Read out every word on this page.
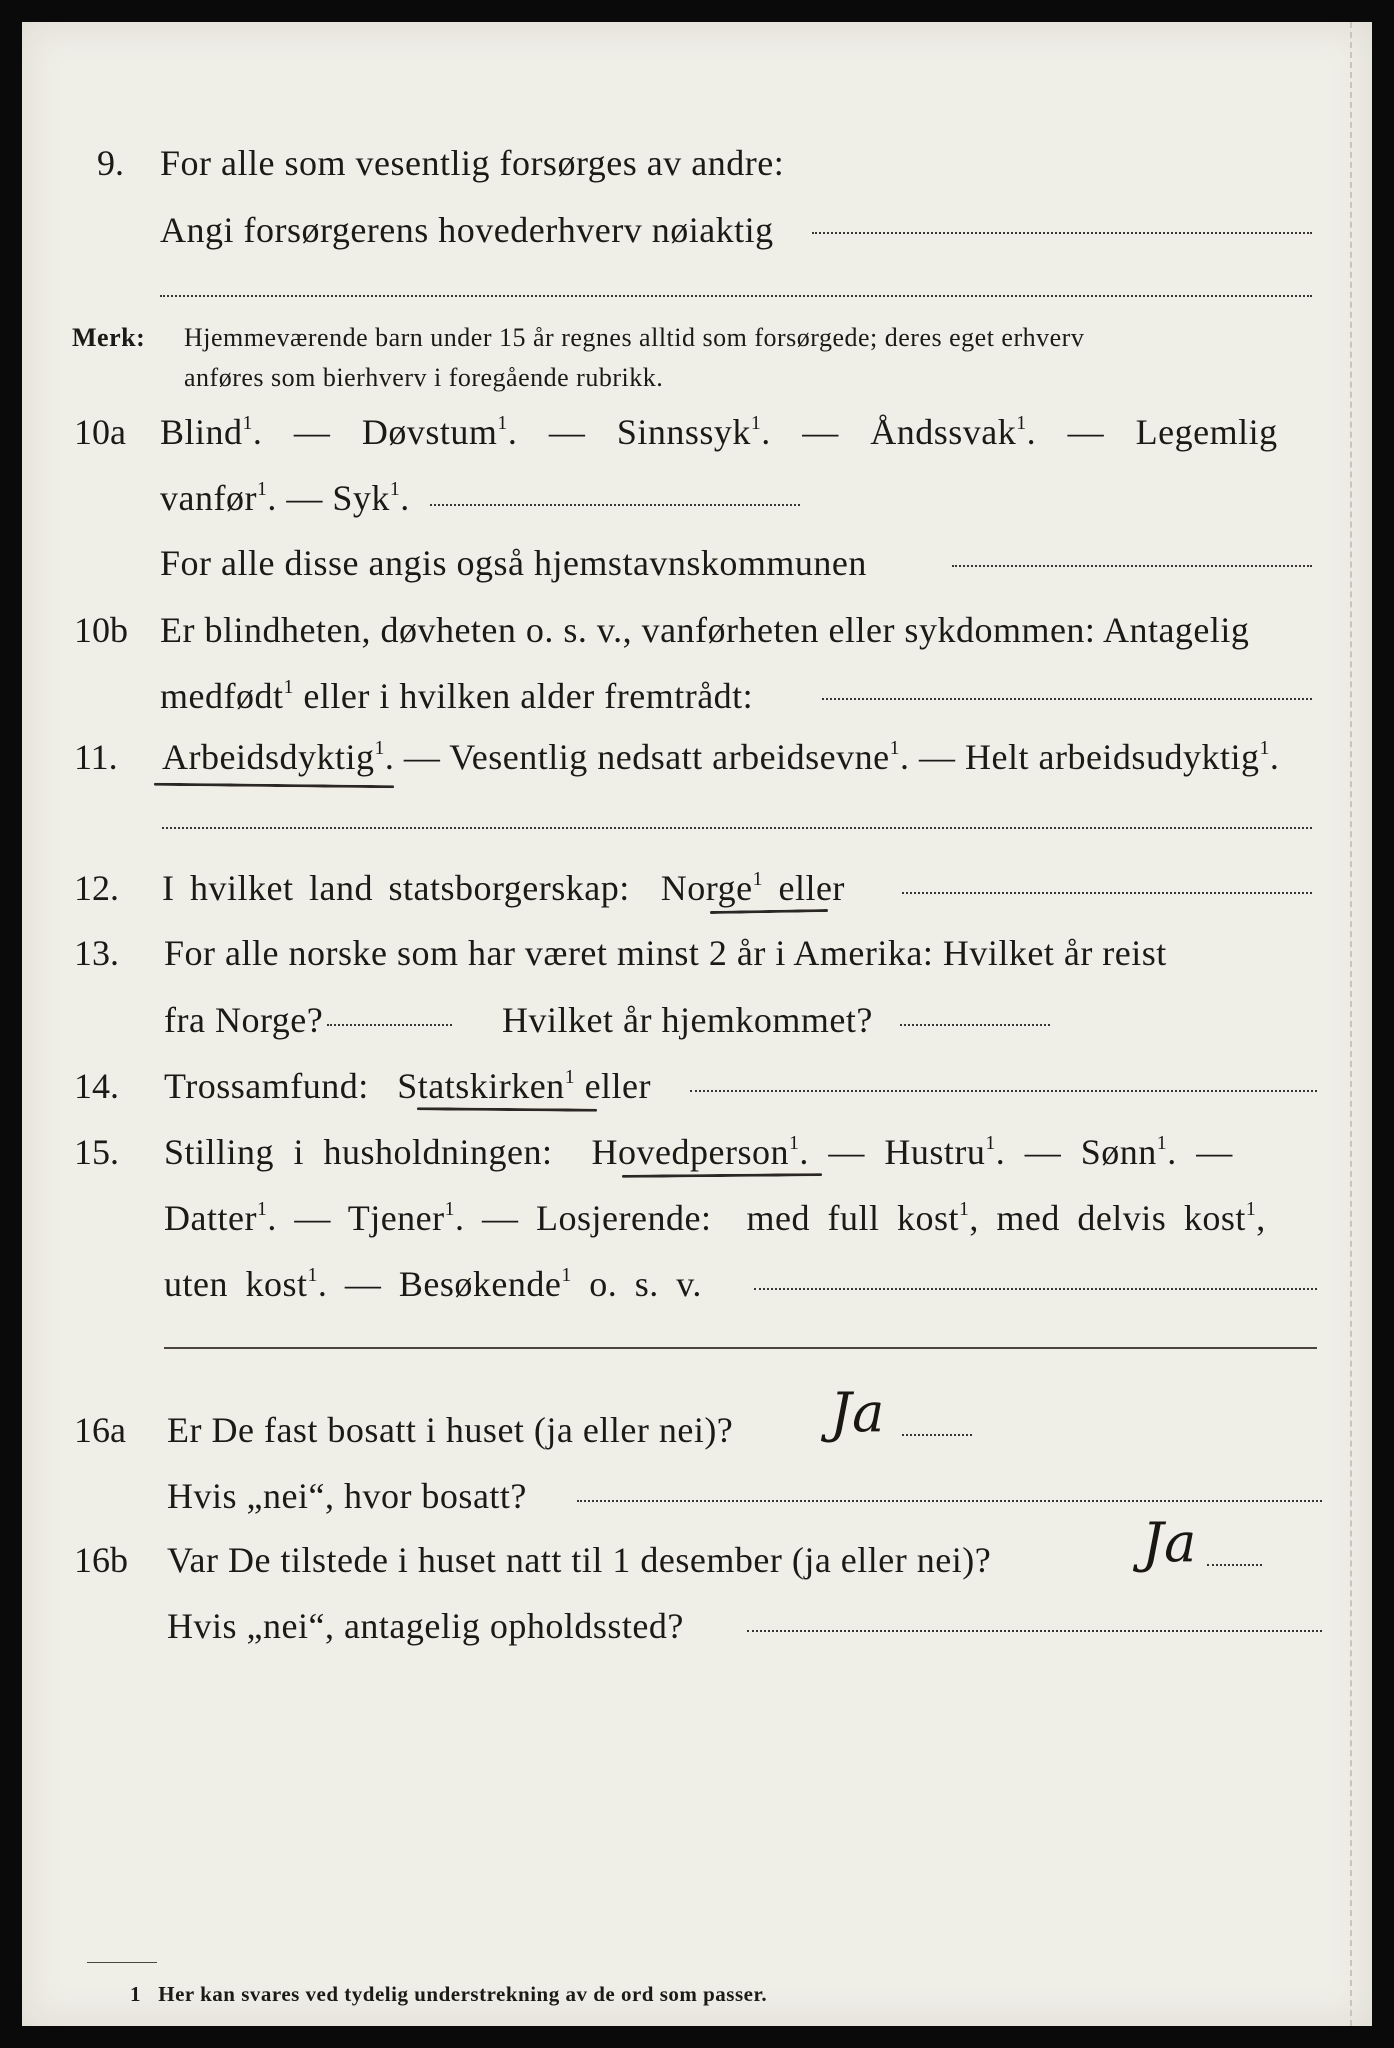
9. For alle som vesentlig forsørges av andre:
Angi forsørgerens hovederhverv nøiaktig
Merk: Hjemmeværende barn under 15 år regnes alltid som forsørgede; deres eget erhverv
anføres som bierhverv i foregående rubrikk.
10a Blind$^1$. — Døvstum$^1$. — Sinnssyk$^1$. — Åndssvak$^1$. — Legemlig
vanfør$^1$. — Syk$^1$.
For alle disse angis også hjemstavnskommunen
10b Er blindheten, døvheten o. s. v., vanførheten eller sykdommen: Antagelig
medfødt$^1$ eller i hvilken alder fremtrådt:
11. Arbeidsdyktig$^1$. — Vesentlig nedsatt arbeidsevne$^1$. — Helt arbeidsudyktig$^1$.
12. I hvilket land statsborgerskap: Norge$^1$ eller
13. For alle norske som har været minst 2 år i Amerika: Hvilket år reist
fra Norge?	Hvilket år hjemkommet?
14. Trossamfund: Statskirken$^1$ eller
15. Stilling i husholdningen: Hovedperson$^1$. — Hustru$^1$. — Sønn$^1$. —
Datter$^1$. — Tjener$^1$. — Losjerende: med full kost$^1$, med delvis kost$^1$,
uten kost$^1$. — Besøkende$^1$ o. s. v.
16a Er De fast bosatt i huset (ja eller nei)? Ja
Hvis „nei“, hvor bosatt?
16b Var De tilstede i huset natt til 1 desember (ja eller nei)?	Ja
Hvis „nei“, antagelig opholdssted?
1 Her kan svares ved tydelig understrekning av de ord som passer.
